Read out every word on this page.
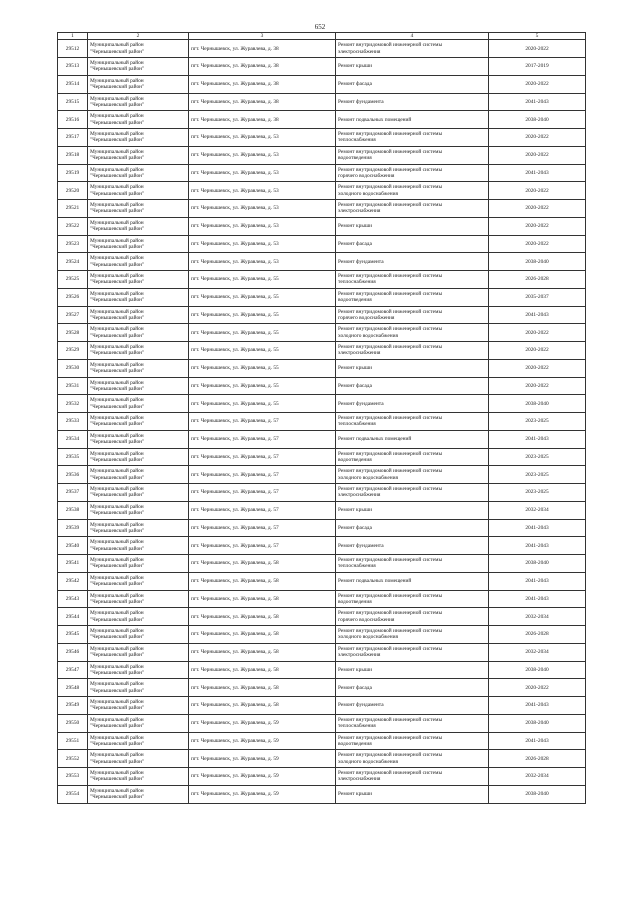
652
1	2	3	4	5
29512	Муниципальный район
"Чернышевский район"	пгт. Чернышевск, ул. Журавлева, д. 38	Ремонт внутридомовой инженерной системы
электроснабжения	2020-2022
29513	Муниципальный район
"Чернышевский район"	пгт. Чернышевск, ул. Журавлева, д. 38	Ремонт крыши	2017-2019
29514	Муниципальный район
"Чернышевский район"	пгт. Чернышевск, ул. Журавлева, д. 38	Ремонт фасада	2020-2022
29515	Муниципальный район
"Чернышевский район"	пгт. Чернышевск, ул. Журавлева, д. 38	Ремонт фундамента	2041-2043
29516	Муниципальный район
"Чернышевский район"	пгт. Чернышевск, ул. Журавлева, д. 38	Ремонт подвальных помещений	2038-2040
29517	Муниципальный район
"Чернышевский район"	пгт. Чернышевск, ул. Журавлева, д. 53	Ремонт внутридомовой инженерной системы
теплоснабжения	2020-2022
29518	Муниципальный район
"Чернышевский район"	пгт. Чернышевск, ул. Журавлева, д. 53	Ремонт внутридомовой инженерной системы
водоотведения	2020-2022
29519	Муниципальный район
"Чернышевский район"	пгт. Чернышевск, ул. Журавлева, д. 53	Ремонт внутридомовой инженерной системы
горячего водоснабжения	2041-2043
29520	Муниципальный район
"Чернышевский район"	пгт. Чернышевск, ул. Журавлева, д. 53	Ремонт внутридомовой инженерной системы
холодного водоснабжения	2020-2022
29521	Муниципальный район
"Чернышевский район"	пгт. Чернышевск, ул. Журавлева, д. 53	Ремонт внутридомовой инженерной системы
электроснабжения	2020-2022
29522	Муниципальный район
"Чернышевский район"	пгт. Чернышевск, ул. Журавлева, д. 53	Ремонт крыши	2020-2022
29523	Муниципальный район
"Чернышевский район"	пгт. Чернышевск, ул. Журавлева, д. 53	Ремонт фасада	2020-2022
29524	Муниципальный район
"Чернышевский район"	пгт. Чернышевск, ул. Журавлева, д. 53	Ремонт фундамента	2038-2040
29525	Муниципальный район
"Чернышевский район"	пгт. Чернышевск, ул. Журавлева, д. 55	Ремонт внутридомовой инженерной системы
теплоснабжения	2026-2028
29526	Муниципальный район
"Чернышевский район"	пгт. Чернышевск, ул. Журавлева, д. 55	Ремонт внутридомовой инженерной системы
водоотведения	2035-2037
29527	Муниципальный район
"Чернышевский район"	пгт. Чернышевск, ул. Журавлева, д. 55	Ремонт внутридомовой инженерной системы
горячего водоснабжения	2041-2043
29528	Муниципальный район
"Чернышевский район"	пгт. Чернышевск, ул. Журавлева, д. 55	Ремонт внутридомовой инженерной системы
холодного водоснабжения	2020-2022
29529	Муниципальный район
"Чернышевский район"	пгт. Чернышевск, ул. Журавлева, д. 55	Ремонт внутридомовой инженерной системы
электроснабжения	2020-2022
29530	Муниципальный район
"Чернышевский район"	пгт. Чернышевск, ул. Журавлева, д. 55	Ремонт крыши	2020-2022
29531	Муниципальный район
"Чернышевский район"	пгт. Чернышевск, ул. Журавлева, д. 55	Ремонт фасада	2020-2022
29532	Муниципальный район
"Чернышевский район"	пгт. Чернышевск, ул. Журавлева, д. 55	Ремонт фундамента	2038-2040
29533	Муниципальный район
"Чернышевский район"	пгт. Чернышевск, ул. Журавлева, д. 57	Ремонт внутридомовой инженерной системы
теплоснабжения	2023-2025
29534	Муниципальный район
"Чернышевский район"	пгт. Чернышевск, ул. Журавлева, д. 57	Ремонт подвальных помещений	2041-2043
29535	Муниципальный район
"Чернышевский район"	пгт. Чернышевск, ул. Журавлева, д. 57	Ремонт внутридомовой инженерной системы
водоотведения	2023-2025
29536	Муниципальный район
"Чернышевский район"	пгт. Чернышевск, ул. Журавлева, д. 57	Ремонт внутридомовой инженерной системы
холодного водоснабжения	2023-2025
29537	Муниципальный район
"Чернышевский район"	пгт. Чернышевск, ул. Журавлева, д. 57	Ремонт внутридомовой инженерной системы
электроснабжения	2023-2025
29538	Муниципальный район
"Чернышевский район"	пгт. Чернышевск, ул. Журавлева, д. 57	Ремонт крыши	2032-2034
29539	Муниципальный район
"Чернышевский район"	пгт. Чернышевск, ул. Журавлева, д. 57	Ремонт фасада	2041-2043
29540	Муниципальный район
"Чернышевский район"	пгт. Чернышевск, ул. Журавлева, д. 57	Ремонт фундамента	2041-2043
29541	Муниципальный район
"Чернышевский район"	пгт. Чернышевск, ул. Журавлева, д. 58	Ремонт внутридомовой инженерной системы
теплоснабжения	2038-2040
29542	Муниципальный район
"Чернышевский район"	пгт. Чернышевск, ул. Журавлева, д. 58	Ремонт подвальных помещений	2041-2043
29543	Муниципальный район
"Чернышевский район"	пгт. Чернышевск, ул. Журавлева, д. 58	Ремонт внутридомовой инженерной системы
водоотведения	2041-2043
29544	Муниципальный район
"Чернышевский район"	пгт. Чернышевск, ул. Журавлева, д. 58	Ремонт внутридомовой инженерной системы
горячего водоснабжения	2032-2034
29545	Муниципальный район
"Чернышевский район"	пгт. Чернышевск, ул. Журавлева, д. 58	Ремонт внутридомовой инженерной системы
холодного водоснабжения	2026-2028
29546	Муниципальный район
"Чернышевский район"	пгт. Чернышевск, ул. Журавлева, д. 58	Ремонт внутридомовой инженерной системы
электроснабжения	2032-2034
29547	Муниципальный район
"Чернышевский район"	пгт. Чернышевск, ул. Журавлева, д. 58	Ремонт крыши	2038-2040
29548	Муниципальный район
"Чернышевский район"	пгт. Чернышевск, ул. Журавлева, д. 58	Ремонт фасада	2020-2022
29549	Муниципальный район
"Чернышевский район"	пгт. Чернышевск, ул. Журавлева, д. 58	Ремонт фундамента	2041-2043
29550	Муниципальный район
"Чернышевский район"	пгт. Чернышевск, ул. Журавлева, д. 59	Ремонт внутридомовой инженерной системы
теплоснабжения	2038-2040
29551	Муниципальный район
"Чернышевский район"	пгт. Чернышевск, ул. Журавлева, д. 59	Ремонт внутридомовой инженерной системы
водоотведения	2041-2043
29552	Муниципальный район
"Чернышевский район"	пгт. Чернышевск, ул. Журавлева, д. 59	Ремонт внутридомовой инженерной системы
холодного водоснабжения	2026-2028
29553	Муниципальный район
"Чернышевский район"	пгт. Чернышевск, ул. Журавлева, д. 59	Ремонт внутридомовой инженерной системы
электроснабжения	2032-2034
29554	Муниципальный район
"Чернышевский район"	пгт. Чернышевск, ул. Журавлева, д. 59	Ремонт крыши	2038-2040
